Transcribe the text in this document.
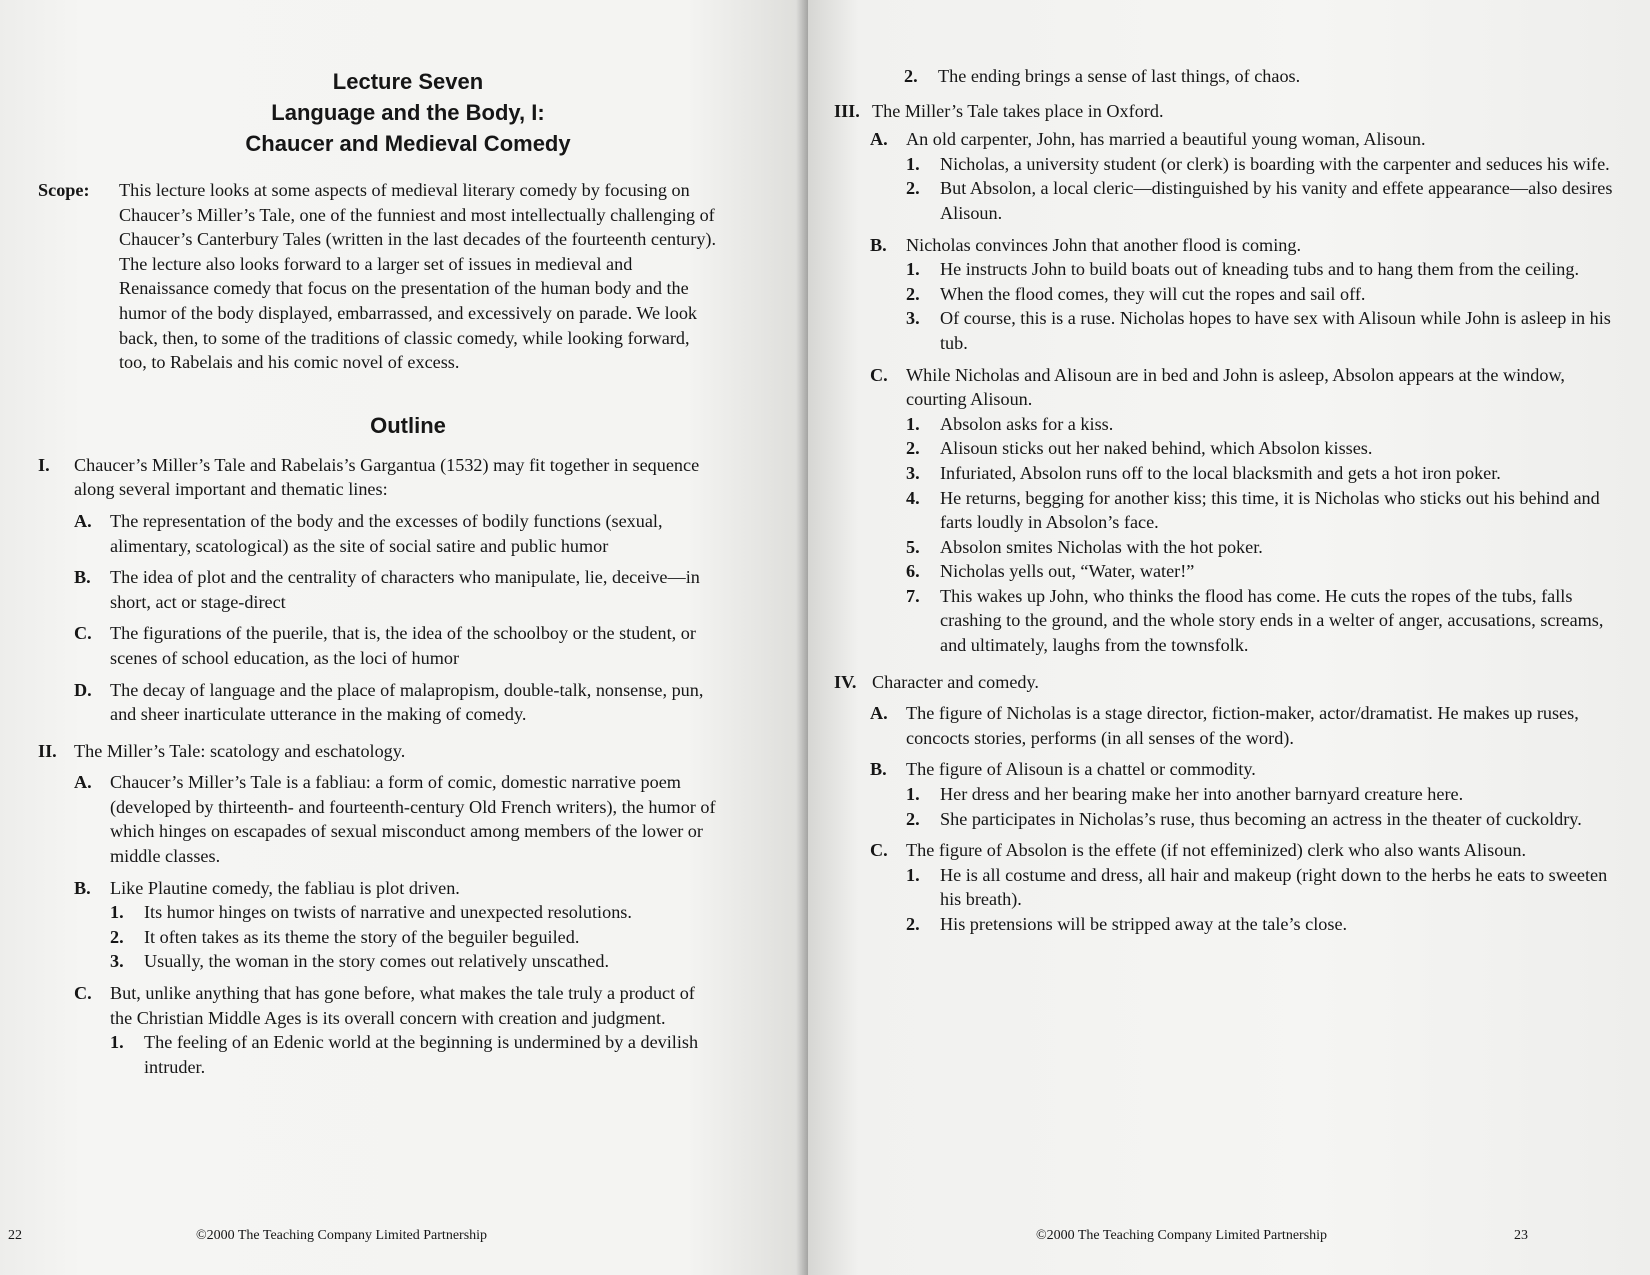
Lecture Seven
Language and the Body, I:
Chaucer and Medieval Comedy
Scope:	This lecture looks at some aspects of medieval literary comedy by focusing on Chaucer’s Miller’s Tale, one of the funniest and most intellectually challenging of Chaucer’s Canterbury Tales (written in the last decades of the fourteenth century). The lecture also looks forward to a larger set of issues in medieval and Renaissance comedy that focus on the presentation of the human body and the humor of the body displayed, embarrassed, and excessively on parade. We look back, then, to some of the traditions of classic comedy, while looking forward, too, to Rabelais and his comic novel of excess.
Outline
I.	Chaucer’s Miller’s Tale and Rabelais’s Gargantua (1532) may fit together in sequence along several important and thematic lines:
A.	The representation of the body and the excesses of bodily functions (sexual, alimentary, scatological) as the site of social satire and public humor
B.	The idea of plot and the centrality of characters who manipulate, lie, deceive—in short, act or stage-direct
C.	The figurations of the puerile, that is, the idea of the schoolboy or the student, or scenes of school education, as the loci of humor
D.	The decay of language and the place of malapropism, double-talk, nonsense, pun, and sheer inarticulate utterance in the making of comedy.
II. The Miller’s Tale: scatology and eschatology.
A.	Chaucer’s Miller’s Tale is a fabliau: a form of comic, domestic narrative poem (developed by thirteenth- and fourteenth-century Old French writers), the humor of which hinges on escapades of sexual misconduct among members of the lower or middle classes.
B.	Like Plautine comedy, the fabliau is plot driven.
1.	Its humor hinges on twists of narrative and unexpected resolutions.
2.	It often takes as its theme the story of the beguiler beguiled.
3.	Usually, the woman in the story comes out relatively unscathed.
C.	But, unlike anything that has gone before, what makes the tale truly a product of the Christian Middle Ages is its overall concern with creation and judgment.
1.	The feeling of an Edenic world at the beginning is undermined by a devilish intruder.
22	©2000 The Teaching Company Limited Partnership
2.	The ending brings a sense of last things, of chaos.
III. The Miller’s Tale takes place in Oxford.
A.	An old carpenter, John, has married a beautiful young woman, Alisoun.
1.	Nicholas, a university student (or clerk) is boarding with the carpenter and seduces his wife.
2.	But Absolon, a local cleric—distinguished by his vanity and effete appearance—also desires Alisoun.
B.	Nicholas convinces John that another flood is coming.
1.	He instructs John to build boats out of kneading tubs and to hang them from the ceiling.
2.	When the flood comes, they will cut the ropes and sail off.
3.	Of course, this is a ruse. Nicholas hopes to have sex with Alisoun while John is asleep in his tub.
C.	While Nicholas and Alisoun are in bed and John is asleep, Absolon appears at the window, courting Alisoun.
1.	Absolon asks for a kiss.
2.	Alisoun sticks out her naked behind, which Absolon kisses.
3.	Infuriated, Absolon runs off to the local blacksmith and gets a hot iron poker.
4.	He returns, begging for another kiss; this time, it is Nicholas who sticks out his behind and farts loudly in Absolon’s face.
5.	Absolon smites Nicholas with the hot poker.
6.	Nicholas yells out, “Water, water!”
7.	This wakes up John, who thinks the flood has come. He cuts the ropes of the tubs, falls crashing to the ground, and the whole story ends in a welter of anger, accusations, screams, and ultimately, laughs from the townsfolk.
IV. Character and comedy.
A.	The figure of Nicholas is a stage director, fiction-maker, actor/dramatist. He makes up ruses, concocts stories, performs (in all senses of the word).
B.	The figure of Alisoun is a chattel or commodity.
1.	Her dress and her bearing make her into another barnyard creature here.
2.	She participates in Nicholas’s ruse, thus becoming an actress in the theater of cuckoldry.
C.	The figure of Absolon is the effete (if not effeminized) clerk who also wants Alisoun.
1.	He is all costume and dress, all hair and makeup (right down to the herbs he eats to sweeten his breath).
2.	His pretensions will be stripped away at the tale’s close.
©2000 The Teaching Company Limited Partnership	23
